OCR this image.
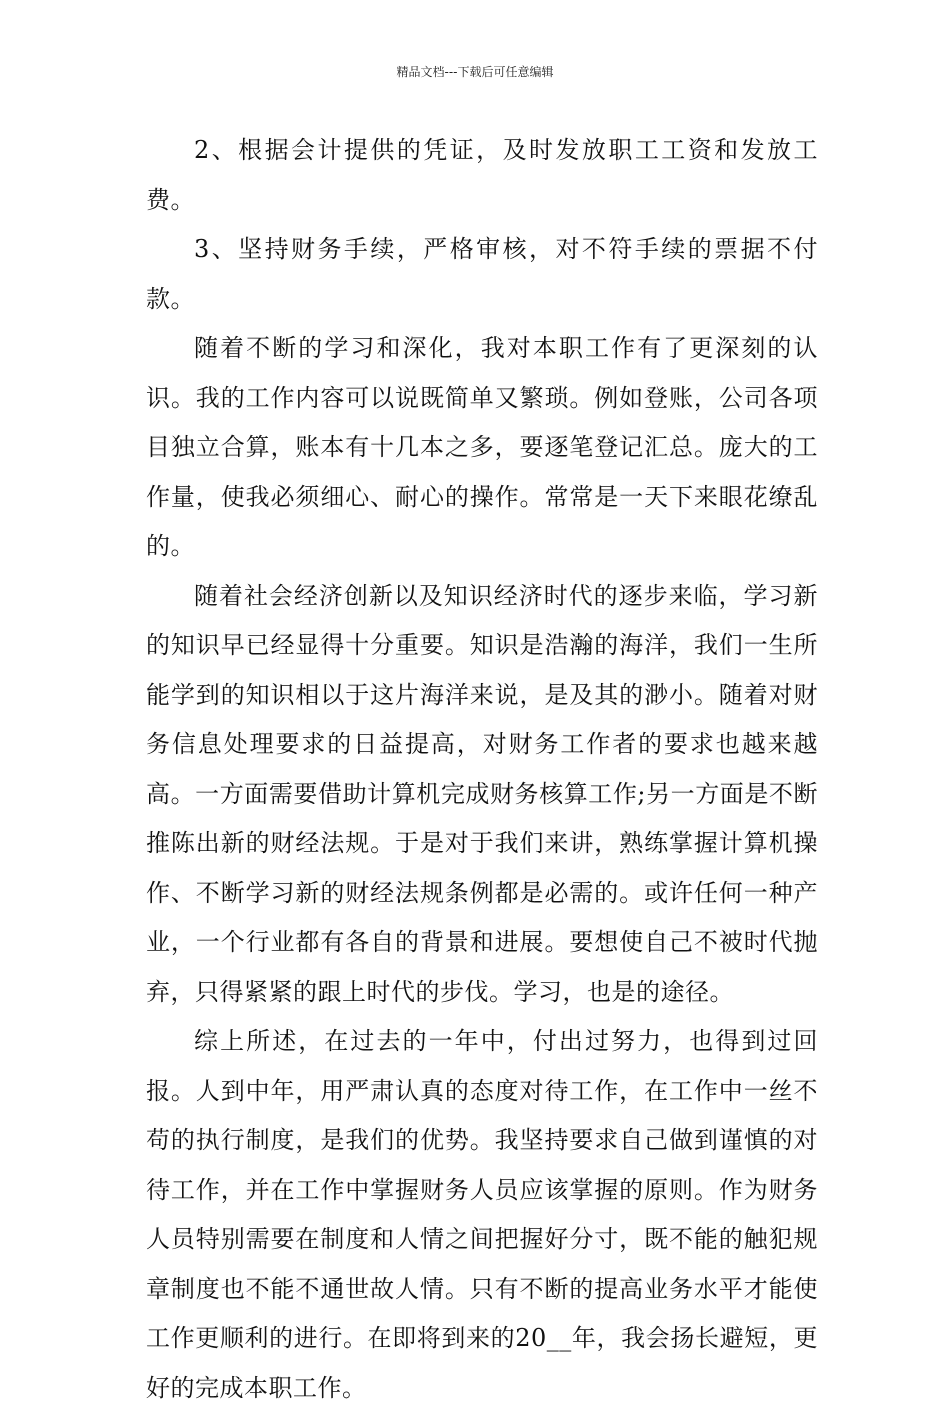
精品文档---下载后可任意编辑

2、根据会计提供的凭证，及时发放职工工资和发放工费。

3、坚持财务手续，严格审核，对不符手续的票据不付款。

随着不断的学习和深化，我对本职工作有了更深刻的认识。我的工作内容可以说既简单又繁琐。例如登账，公司各项目独立合算，账本有十几本之多，要逐笔登记汇总。庞大的工作量，使我必须细心、耐心的操作。常常是一天下来眼花缭乱的。

随着社会经济创新以及知识经济时代的逐步来临，学习新的知识早已经显得十分重要。知识是浩瀚的海洋，我们一生所能学到的知识相以于这片海洋来说，是及其的渺小。随着对财务信息处理要求的日益提高，对财务工作者的要求也越来越高。一方面需要借助计算机完成财务核算工作;另一方面是不断推陈出新的财经法规。于是对于我们来讲，熟练掌握计算机操作、不断学习新的财经法规条例都是必需的。或许任何一种产业，一个行业都有各自的背景和进展。要想使自己不被时代抛弃，只得紧紧的跟上时代的步伐。学习，也是的途径。

综上所述，在过去的一年中，付出过努力，也得到过回报。人到中年，用严肃认真的态度对待工作，在工作中一丝不苟的执行制度，是我们的优势。我坚持要求自己做到谨慎的对待工作，并在工作中掌握财务人员应该掌握的原则。作为财务人员特别需要在制度和人情之间把握好分寸，既不能的触犯规章制度也不能不通世故人情。只有不断的提高业务水平才能使工作更顺利的进行。在即将到来的20__年，我会扬长避短，更好的完成本职工作。
